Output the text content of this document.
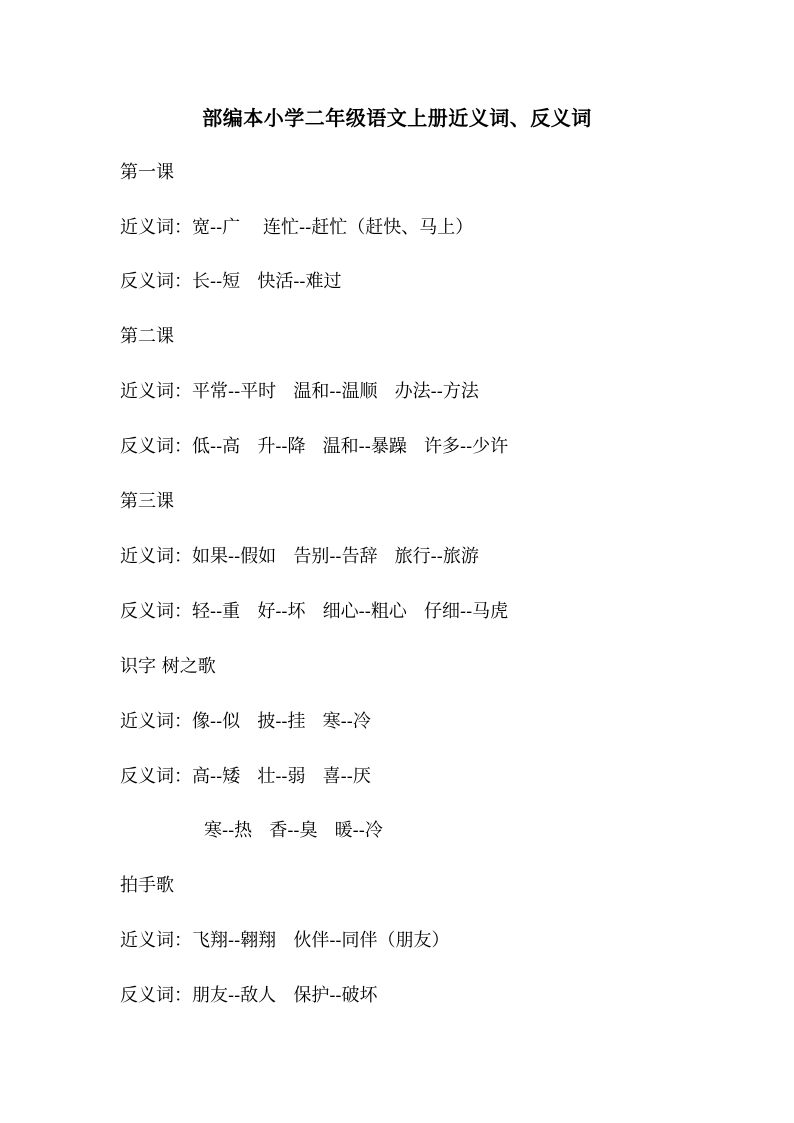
部编本小学二年级语文上册近义词、反义词
第一课
近义词：宽--广    连忙--赶忙（赶快、马上）
反义词：长--短   快活--难过
第二课
近义词：平常--平时   温和--温顺   办法--方法
反义词：低--高   升--降   温和--暴躁   许多--少许
第三课
近义词：如果--假如   告别--告辞   旅行--旅游
反义词：轻--重   好--坏   细心--粗心   仔细--马虎
识字 树之歌
近义词：像--似   披--挂   寒--冷
反义词：高--矮   壮--弱   喜--厌
寒--热   香--臭   暖--冷
拍手歌
近义词：飞翔--翱翔   伙伴--同伴（朋友）
反义词：朋友--敌人   保护--破坏
